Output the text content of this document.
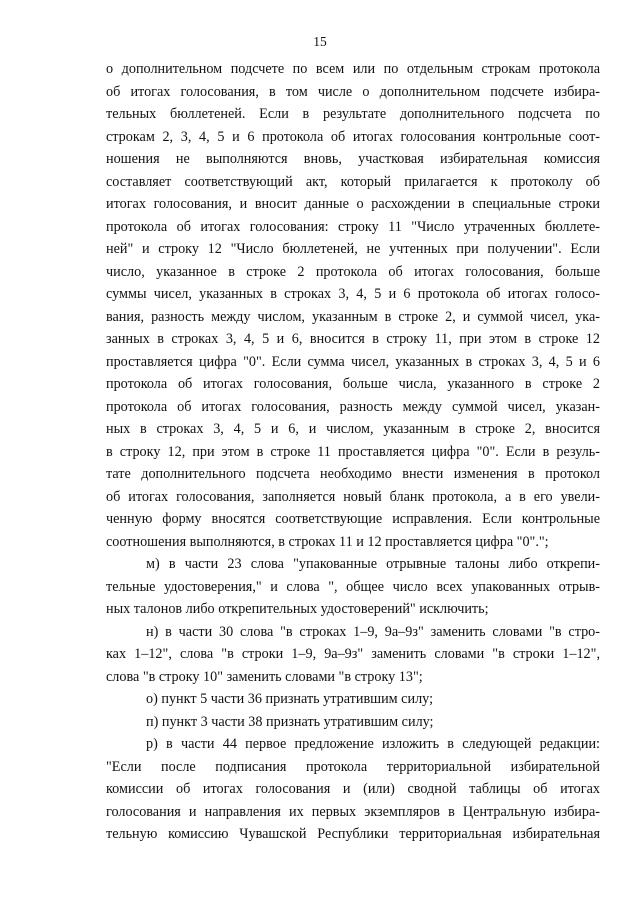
15
о дополнительном подсчете по всем или по отдельным строкам протокола
об итогах голосования, в том числе о дополнительном подсчете избира-
тельных бюллетеней. Если в результате дополнительного подсчета по
строкам 2, 3, 4, 5 и 6 протокола об итогах голосования контрольные соот-
ношения не выполняются вновь, участковая избирательная комиссия
составляет соответствующий акт, который прилагается к протоколу об
итогах голосования, и вносит данные о расхождении в специальные строки
протокола об итогах голосования: строку 11 "Число утраченных бюллете-
ней" и строку 12 "Число бюллетеней, не учтенных при получении". Если
число, указанное в строке 2 протокола об итогах голосования, больше
суммы чисел, указанных в строках 3, 4, 5 и 6 протокола об итогах голосо-
вания, разность между числом, указанным в строке 2, и суммой чисел, ука-
занных в строках 3, 4, 5 и 6, вносится в строку 11, при этом в строке 12
проставляется цифра "0". Если сумма чисел, указанных в строках 3, 4, 5 и 6
протокола об итогах голосования, больше числа, указанного в строке 2
протокола об итогах голосования, разность между суммой чисел, указан-
ных в строках 3, 4, 5 и 6, и числом, указанным в строке 2, вносится
в строку 12, при этом в строке 11 проставляется цифра "0". Если в резуль-
тате дополнительного подсчета необходимо внести изменения в протокол
об итогах голосования, заполняется новый бланк протокола, а в его увели-
ченную форму вносятся соответствующие исправления. Если контрольные
соотношения выполняются, в строках 11 и 12 проставляется цифра "0".";
м) в части 23 слова "упакованные отрывные талоны либо открепи-
тельные удостоверения," и слова ", общее число всех упакованных отрыв-
ных талонов либо открепительных удостоверений" исключить;
н) в части 30 слова "в строках 1–9, 9а–9з" заменить словами "в стро-
ках 1–12", слова "в строки 1–9, 9а–9з" заменить словами "в строки 1–12",
слова "в строку 10" заменить словами "в строку 13";
о) пункт 5 части 36 признать утратившим силу;
п) пункт 3 части 38 признать утратившим силу;
р) в части 44 первое предложение изложить в следующей редакции:
"Если после подписания протокола территориальной избирательной
комиссии об итогах голосования и (или) сводной таблицы об итогах
голосования и направления их первых экземпляров в Центральную избира-
тельную комиссию Чувашской Республики территориальная избирательная
